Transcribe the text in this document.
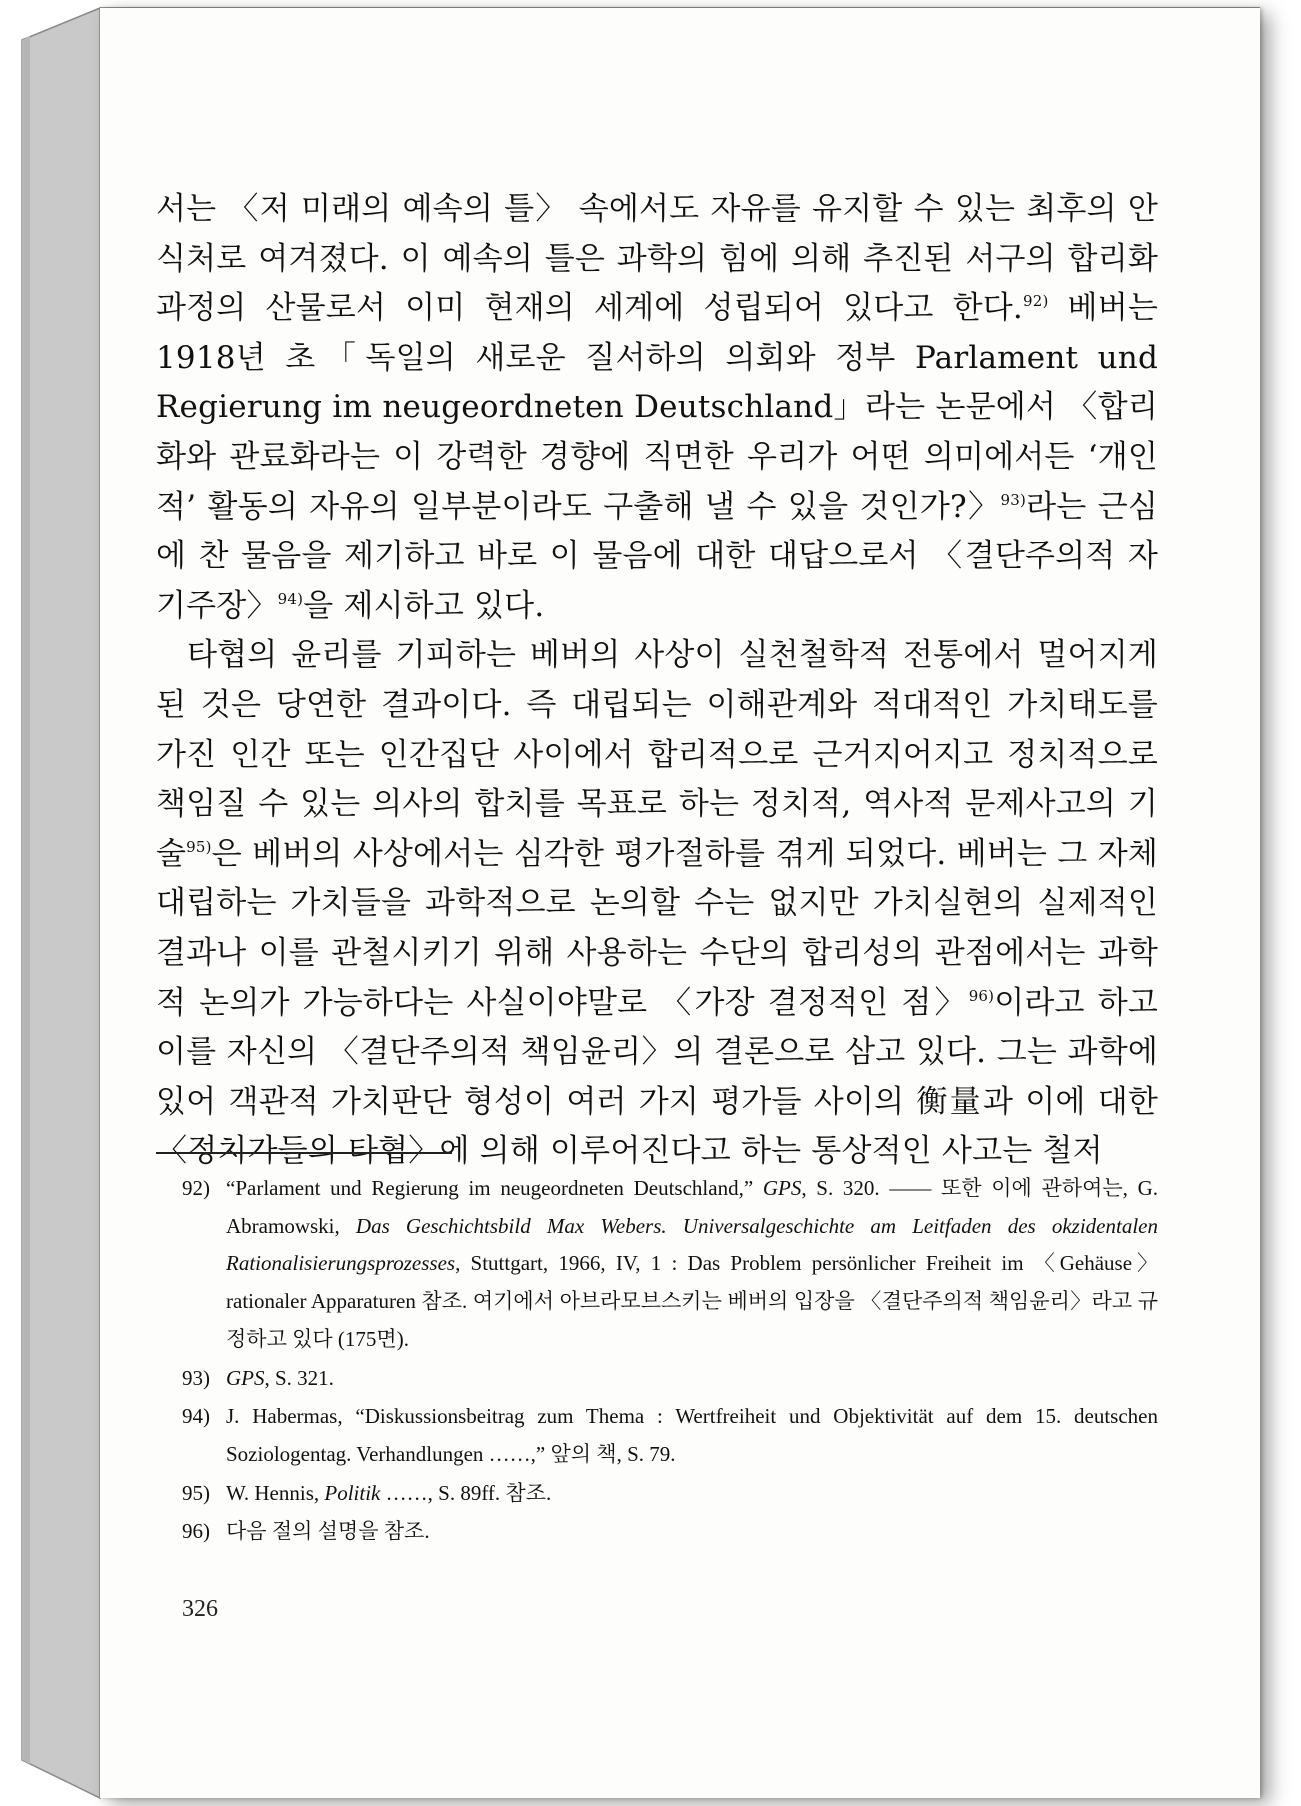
서는 〈저 미래의 예속의 틀〉 속에서도 자유를 유지할 수 있는 최후의 안식처로 여겨졌다. 이 예속의 틀은 과학의 힘에 의해 추진된 서구의 합리화과정의 산물로서 이미 현재의 세계에 성립되어 있다고 한다.$^{92)}$ 베버는 1918년 초「독일의 새로운 질서하의 의회와 정부 Parlament und Regierung im neugeordneten Deutschland」라는 논문에서 〈합리화와 관료화라는 이 강력한 경향에 직면한 우리가 어떤 의미에서든 ‘개인적’ 활동의 자유의 일부분이라도 구출해 낼 수 있을 것인가?〉$^{93)}$라는 근심에 찬 물음을 제기하고 바로 이 물음에 대한 대답으로서 〈결단주의적 자기주장〉$^{94)}$을 제시하고 있다.

타협의 윤리를 기피하는 베버의 사상이 실천철학적 전통에서 멀어지게 된 것은 당연한 결과이다. 즉 대립되는 이해관계와 적대적인 가치태도를 가진 인간 또는 인간집단 사이에서 합리적으로 근거지어지고 정치적으로 책임질 수 있는 의사의 합치를 목표로 하는 정치적, 역사적 문제사고의 기술$^{95)}$은 베버의 사상에서는 심각한 평가절하를 겪게 되었다. 베버는 그 자체 대립하는 가치들을 과학적으로 논의할 수는 없지만 가치실현의 실제적인 결과나 이를 관철시키기 위해 사용하는 수단의 합리성의 관점에서는 과학적 논의가 가능하다는 사실이야말로 〈가장 결정적인 점〉$^{96)}$이라고 하고 이를 자신의 〈결단주의적 책임윤리〉의 결론으로 삼고 있다. 그는 과학에 있어 객관적 가치판단 형성이 여러 가지 평가들 사이의 衡量과 이에 대한 〈정치가들의 타협〉에 의해 이루어진다고 하는 통상적인 사고는 철저

92) “Parlament und Regierung im neugeordneten Deutschland,” GPS, S. 320. —— 또한 이에 관하여는, G. Abramowski, Das Geschichtsbild Max Webers. Universalgeschichte am Leitfaden des okzidentalen Rationalisierungsprozesses, Stuttgart, 1966, IV, 1 : Das Problem persönlicher Freiheit im 〈Gehäuse〉 rationaler Apparaturen 참조. 여기에서 아브라모브스키는 베버의 입장을 〈결단주의적 책임윤리〉라고 규정하고 있다 (175면).
93) GPS, S. 321.
94) J. Habermas, “Diskussionsbeitrag zum Thema : Wertfreiheit und Objektivität auf dem 15. deutschen Soziologentag. Verhandlungen ……,” 앞의 책, S. 79.
95) W. Hennis, Politik ……, S. 89ff. 참조.
96) 다음 절의 설명을 참조.
326
